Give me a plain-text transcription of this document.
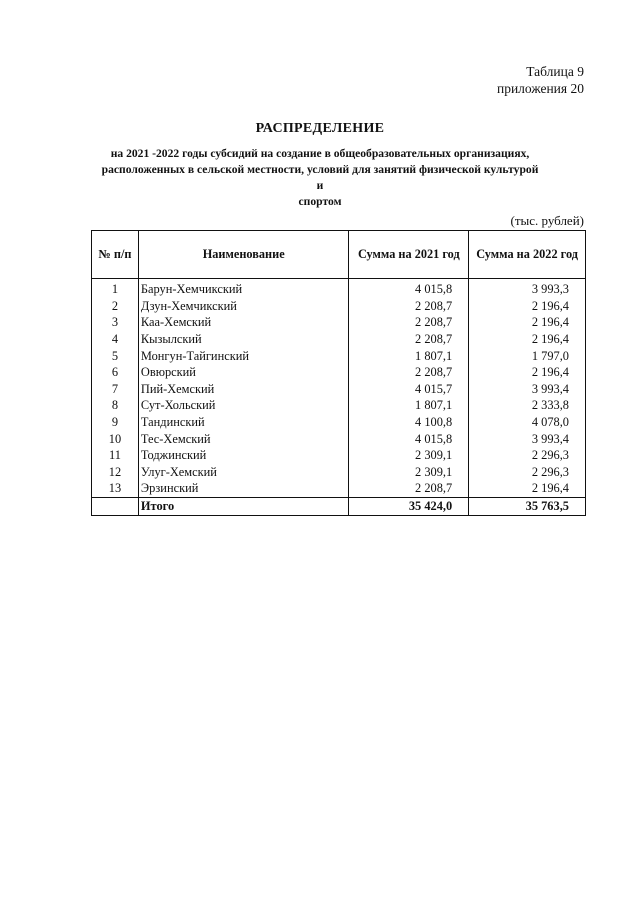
Таблица 9
приложения 20
РАСПРЕДЕЛЕНИЕ
на 2021 -2022 годы субсидий на создание в общеобразовательных организациях,
расположенных в сельской местности, условий для занятий физической культурой и
спортом
(тыс. рублей)
№ п/п	Наименование	Сумма на 2021 год	Сумма на 2022 год
1	Барун-Хемчикский	4 015,8	3 993,3
2	Дзун-Хемчикский	2 208,7	2 196,4
3	Каа-Хемский	2 208,7	2 196,4
4	Кызылский	2 208,7	2 196,4
5	Монгун-Тайгинский	1 807,1	1 797,0
6	Овюрский	2 208,7	2 196,4
7	Пий-Хемский	4 015,7	3 993,4
8	Сут-Хольский	1 807,1	2 333,8
9	Тандинский	4 100,8	4 078,0
10	Тес-Хемский	4 015,8	3 993,4
11	Тоджинский	2 309,1	2 296,3
12	Улуг-Хемский	2 309,1	2 296,3
13	Эрзинский	2 208,7	2 196,4
	Итого	35 424,0	35 763,5
